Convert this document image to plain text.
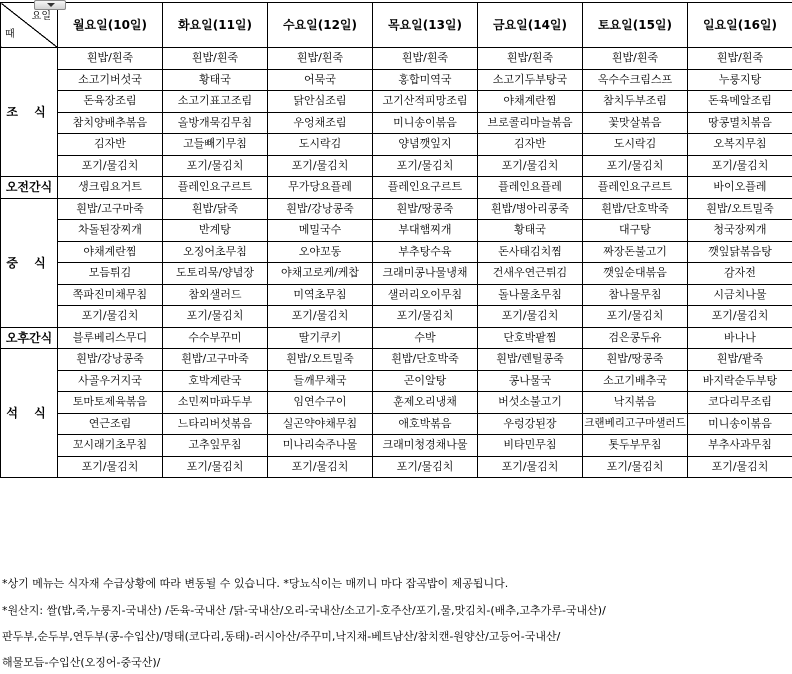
요일
때	월요일(10일)	화요일(11일)	수요일(12일)	목요일(13일)	금요일(14일)	토요일(15일)	일요일(16일)
조 식	흰밥/흰죽	흰밥/흰죽	흰밥/흰죽	흰밥/흰죽	흰밥/흰죽	흰밥/흰죽	흰밥/흰죽
	소고기버섯국	황태국	어묵국	홍합미역국	소고기두부탕국	옥수수크림스프	누룽지탕
	돈육장조림	소고기표고조림	닭안심조림	고기산적피망조림	야채계란찜	참치두부조림	돈육메알조림
	참치양배추볶음	올방개묵김무침	우엉채조림	미니송이볶음	브로콜리마늘볶음	꽃맛살볶음	땅콩멸치볶음
	김자반	고들빼기무침	도시락김	양념깻잎지	김자반	도시락김	오복지무침
	포기/물김치	포기/물김치	포기/물김치	포기/물김치	포기/물김치	포기/물김치	포기/물김치
오전간식	생크림요거트	플레인요구르트	무가당요플레	플레인요구르트	플레인요플레	플레인요구르트	바이오플레
중 식	흰밥/고구마죽	흰밥/닭죽	흰밥/강낭콩죽	흰밥/땅콩죽	흰밥/병아리콩죽	흰밥/단호박죽	흰밥/오트밀죽
	차돌된장찌개	반계탕	메밀국수	부대햄찌개	황태국	대구탕	청국장찌개
	야채계란찜	오징어초무침	오야꼬동	부추탕수육	돈사태김치찜	짜장돈불고기	깻잎닭볶음탕
	모듬튀김	도토리묵/양념장	야채고로케/케찹	크래미콩나물냉채	건새우연근튀김	깻잎순대볶음	감자전
	쪽파진미채무침	참외샐러드	미역초무침	샐러리오이무침	돌나물초무침	참나물무침	시금치나물
	포기/물김치	포기/물김치	포기/물김치	포기/물김치	포기/물김치	포기/물김치	포기/물김치
오후간식	블루베리스무디	수수부꾸미	딸기쿠키	수박	단호박팥찜	검은콩두유	바나나
석 식	흰밥/강낭콩죽	흰밥/고구마죽	흰밥/오트밀죽	흰밥/단호박죽	흰밥/렌틸콩죽	흰밥/땅콩죽	흰밥/팥죽
	사골우거지국	호박계란국	들깨무채국	곤이알탕	콩나물국	소고기배추국	바지락순두부탕
	토마토제육볶음	소민찌마파두부	임연수구이	훈제오리냉채	버섯소불고기	낙지볶음	코다리무조림
	연근조림	느타리버섯볶음	실곤약야채무침	애호박볶음	우렁강된장	크랜베리고구마샐러드	미니송이볶음
	꼬시래기초무침	고추잎무침	미나리숙주나물	크래미청경채나물	비타민무침	톳두부무침	부추사과무침
	포기/물김치	포기/물김치	포기/물김치	포기/물김치	포기/물김치	포기/물김치	포기/물김치
*상기 메뉴는 식자재 수급상황에 따라 변동될 수 있습니다. *당뇨식이는 매끼니 마다 잡곡밥이 제공됩니다.
*원산지: 쌀(밥,죽,누룽지-국내산) /돈육-국내산 /닭-국내산/오리-국내산/소고기-호주산/포기,물,맛김치-(배추,고추가루-국내산)/
판두부,순두부,연두부(콩-수입산)/명태(코다리,동태)-러시아산/주꾸미,낙지채-베트남산/참치캔-원양산/고등어-국내산/
해물모듬-수입산(오징어-중국산)/
